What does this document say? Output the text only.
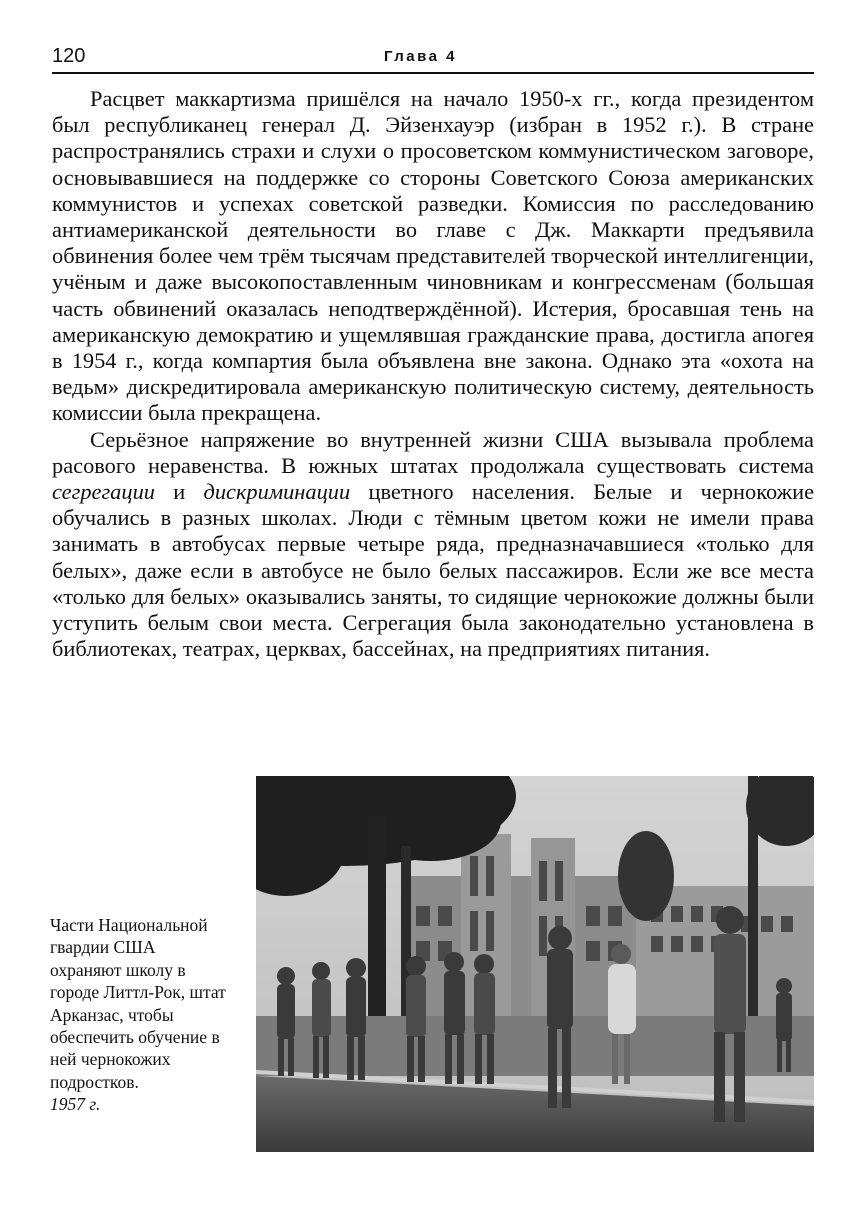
120	Глава 4

Расцвет маккартизма пришёлся на начало 1950-х гг., когда президентом был республиканец генерал Д. Эйзенхауэр (избран в 1952 г.). В стране распространялись страхи и слухи о просоветском коммунистическом заговоре, основывавшиеся на поддержке со стороны Советского Союза американских коммунистов и успехах советской разведки. Комиссия по расследованию антиамериканской деятельности во главе с Дж. Маккарти предъявила обвинения более чем трём тысячам представителей творческой интеллигенции, учёным и даже высокопоставленным чиновникам и конгрессменам (большая часть обвинений оказалась неподтверждённой). Истерия, бросавшая тень на американскую демократию и ущемлявшая гражданские права, достигла апогея в 1954 г., когда компартия была объявлена вне закона. Однако эта «охота на ведьм» дискредитировала американскую политическую систему, деятельность комиссии была прекращена.

Серьёзное напряжение во внутренней жизни США вызывала проблема расового неравенства. В южных штатах продолжала существовать система сегрегации и дискриминации цветного населения. Белые и чернокожие обучались в разных школах. Люди с тёмным цветом кожи не имели права занимать в автобусах первые четыре ряда, предназначавшиеся «только для белых», даже если в автобусе не было белых пассажиров. Если же все места «только для белых» оказывались заняты, то сидящие чернокожие должны были уступить белым свои места. Сегрегация была законодательно установлена в библиотеках, театрах, церквах, бассейнах, на предприятиях питания.

Части Национальной гвардии США охраняют школу в городе Литтл-Рок, штат Арканзас, чтобы обеспечить обучение в ней чернокожих подростков.
1957 г.
